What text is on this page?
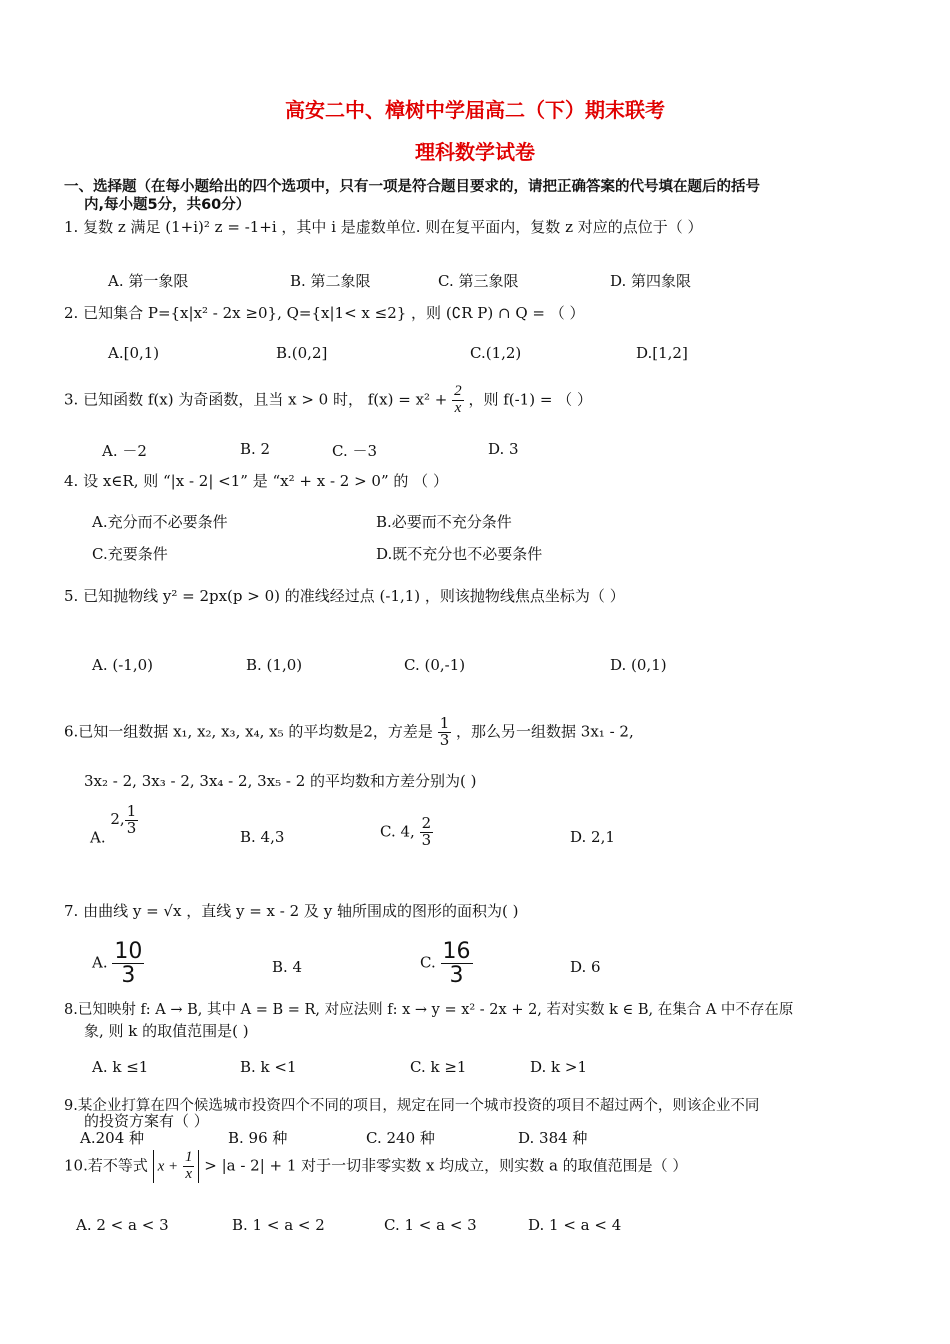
高安二中、樟树中学届高二（下）期末联考
理科数学试卷
一、选择题（在每小题给出的四个选项中，只有一项是符合题目要求的，请把正确答案的代号填在题后的括号
内,每小题5分，共60分）
1. 复数 z 满足 (1+i)² z = -1+i ，其中 i 是虚数单位. 则在复平面内，复数 z 对应的点位于（ ）
A. 第一象限	B. 第二象限	C. 第三象限	D. 第四象限
2. 已知集合 P={x|x² - 2x ≥0}, Q={x|1< x ≤2} ，则 (∁R P) ∩ Q = （ ）
A.[0,1)	B.(0,2]	C.(1,2)	D.[1,2]
3. 已知函数 f(x) 为奇函数，且当 x > 0 时， $f(x) = x^2 + \frac{2}{x}$ ，则 f(-1) = （ ）
A. －2	B. 2	C. －3	D. 3
4. 设 x∈R, 则 “|x - 2| <1” 是 “x² + x - 2 > 0” 的 （ ）
A.充分而不必要条件	B.必要而不充分条件
C.充要条件	D.既不充分也不必要条件
5. 已知抛物线 y² = 2px(p > 0) 的准线经过点 (-1,1) ，则该抛物线焦点坐标为（ ）
A. (-1,0)	B. (1,0)	C. (0,-1)	D. (0,1)
6.已知一组数据 x₁, x₂, x₃, x₄, x₅ 的平均数是2，方差是 $\frac{1}{3}$ ，那么另一组数据 3x₁ - 2,
3x₂ - 2, 3x₃ - 2, 3x₄ - 2, 3x₅ - 2 的平均数和方差分别为( )
A. 2, $\frac{1}{3}$
B. 4,3	C. 4, $\frac{2}{3}$	D. 2,1
7. 由曲线 y = √x ，直线 y = x - 2 及 y 轴所围成的图形的面积为( )
A. $\frac{10}{3}$	B. 4	C. $\frac{16}{3}$	D. 6
8.已知映射 f: A → B, 其中 A = B = R, 对应法则 f: x → y = x² - 2x + 2, 若对实数 k ∈ B, 在集合 A 中不存在原
象, 则 k 的取值范围是( )
A. k ≤1	B. k <1	C. k ≥1	D. k >1
9.某企业打算在四个候选城市投资四个不同的项目，规定在同一个城市投资的项目不超过两个，则该企业不同
的投资方案有（ ）
A.204 种	B. 96 种	C. 240 种	D. 384 种
10.若不等式 $x + \frac{1}{x} > |a - 2| + 1$ 对于一切非零实数 x 均成立，则实数 a 的取值范围是（ ）
A. 2 < a < 3	B. 1 < a < 2	C. 1 < a < 3	D. 1 < a < 4
